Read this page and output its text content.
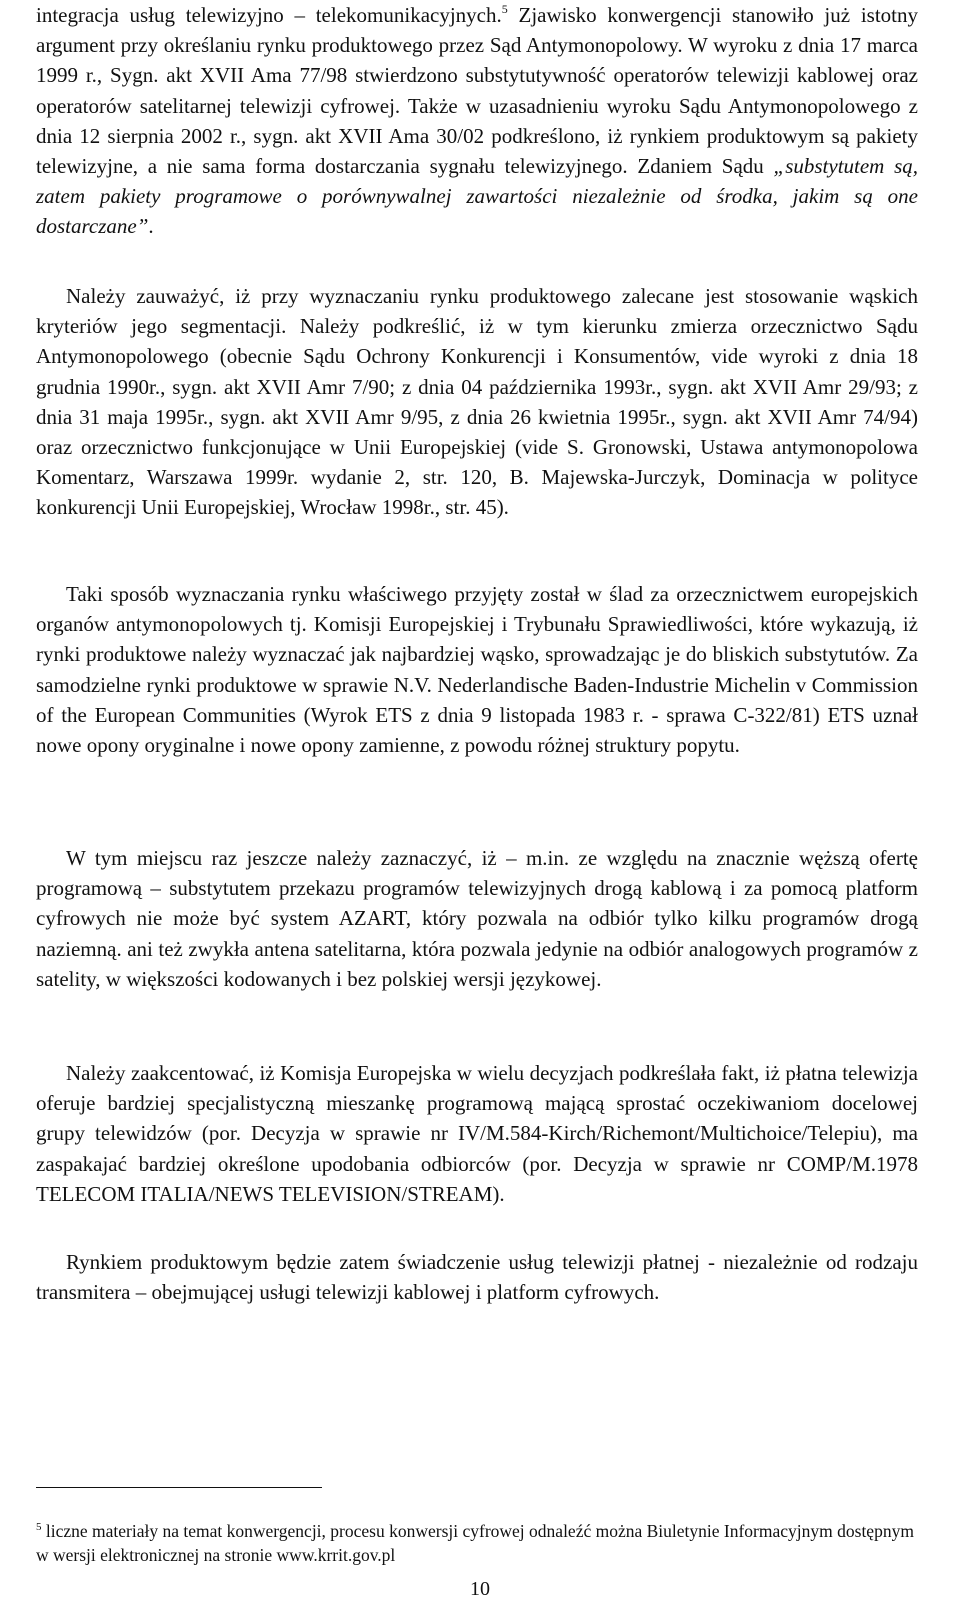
integracja usług telewizyjno – telekomunikacyjnych.$^5$ Zjawisko konwergencji stanowiło już istotny argument przy określaniu rynku produktowego przez Sąd Antymonopolowy. W wyroku z dnia 17 marca 1999 r., Sygn. akt XVII Ama 77/98 stwierdzono substytutywność operatorów telewizji kablowej oraz operatorów satelitarnej telewizji cyfrowej. Także w uzasadnieniu wyroku Sądu Antymonopolowego z dnia 12 sierpnia 2002 r., sygn. akt XVII Ama 30/02 podkreślono, iż rynkiem produktowym są pakiety telewizyjne, a nie sama forma dostarczania sygnału telewizyjnego. Zdaniem Sądu „substytutem są, zatem pakiety programowe o porównywalnej zawartości niezależnie od środka, jakim są one dostarczane”.

Należy zauważyć, iż przy wyznaczaniu rynku produktowego zalecane jest stosowanie wąskich kryteriów jego segmentacji. Należy podkreślić, iż w tym kierunku zmierza orzecznictwo Sądu Antymonopolowego (obecnie Sądu Ochrony Konkurencji i Konsumentów, vide wyroki z dnia 18 grudnia 1990r., sygn. akt XVII Amr 7/90; z dnia 04 października 1993r., sygn. akt XVII Amr 29/93; z dnia 31 maja 1995r., sygn. akt XVII Amr 9/95, z dnia 26 kwietnia 1995r., sygn. akt XVII Amr 74/94) oraz orzecznictwo funkcjonujące w Unii Europejskiej (vide S. Gronowski, Ustawa antymonopolowa Komentarz, Warszawa 1999r. wydanie 2, str. 120, B. Majewska-Jurczyk, Dominacja w polityce konkurencji Unii Europejskiej, Wrocław 1998r., str. 45).

Taki sposób wyznaczania rynku właściwego przyjęty został w ślad za orzecznictwem europejskich organów antymonopolowych tj. Komisji Europejskiej i Trybunału Sprawiedliwości, które wykazują, iż rynki produktowe należy wyznaczać jak najbardziej wąsko, sprowadzając je do bliskich substytutów. Za samodzielne rynki produktowe w sprawie N.V. Nederlandische Baden-Industrie Michelin v Commission of the European Communities (Wyrok ETS z dnia 9 listopada 1983 r. - sprawa C-322/81) ETS uznał nowe opony oryginalne i nowe opony zamienne, z powodu różnej struktury popytu.

W tym miejscu raz jeszcze należy zaznaczyć, iż – m.in. ze względu na znacznie węższą ofertę programową – substytutem przekazu programów telewizyjnych drogą kablową i za pomocą platform cyfrowych nie może być system AZART, który pozwala na odbiór tylko kilku programów drogą naziemną. ani też zwykła antena satelitarna, która pozwala jedynie na odbiór analogowych programów z satelity, w większości kodowanych i bez polskiej wersji językowej.

Należy zaakcentować, iż Komisja Europejska w wielu decyzjach podkreślała fakt, iż płatna telewizja oferuje bardziej specjalistyczną mieszankę programową mającą sprostać oczekiwaniom docelowej grupy telewidzów (por. Decyzja w sprawie nr IV/M.584-Kirch/Richemont/Multichoice/Telepiu), ma zaspakajać bardziej określone upodobania odbiorców (por. Decyzja w sprawie nr COMP/M.1978 TELECOM ITALIA/NEWS TELEVISION/STREAM).

Rynkiem produktowym będzie zatem świadczenie usług telewizji płatnej - niezależnie od rodzaju transmitera – obejmującej usługi telewizji kablowej i platform cyfrowych.

$^5$ liczne materiały na temat konwergencji, procesu konwersji cyfrowej odnaleźć można Biuletynie Informacyjnym dostępnym w wersji elektronicznej na stronie www.krrit.gov.pl

10
